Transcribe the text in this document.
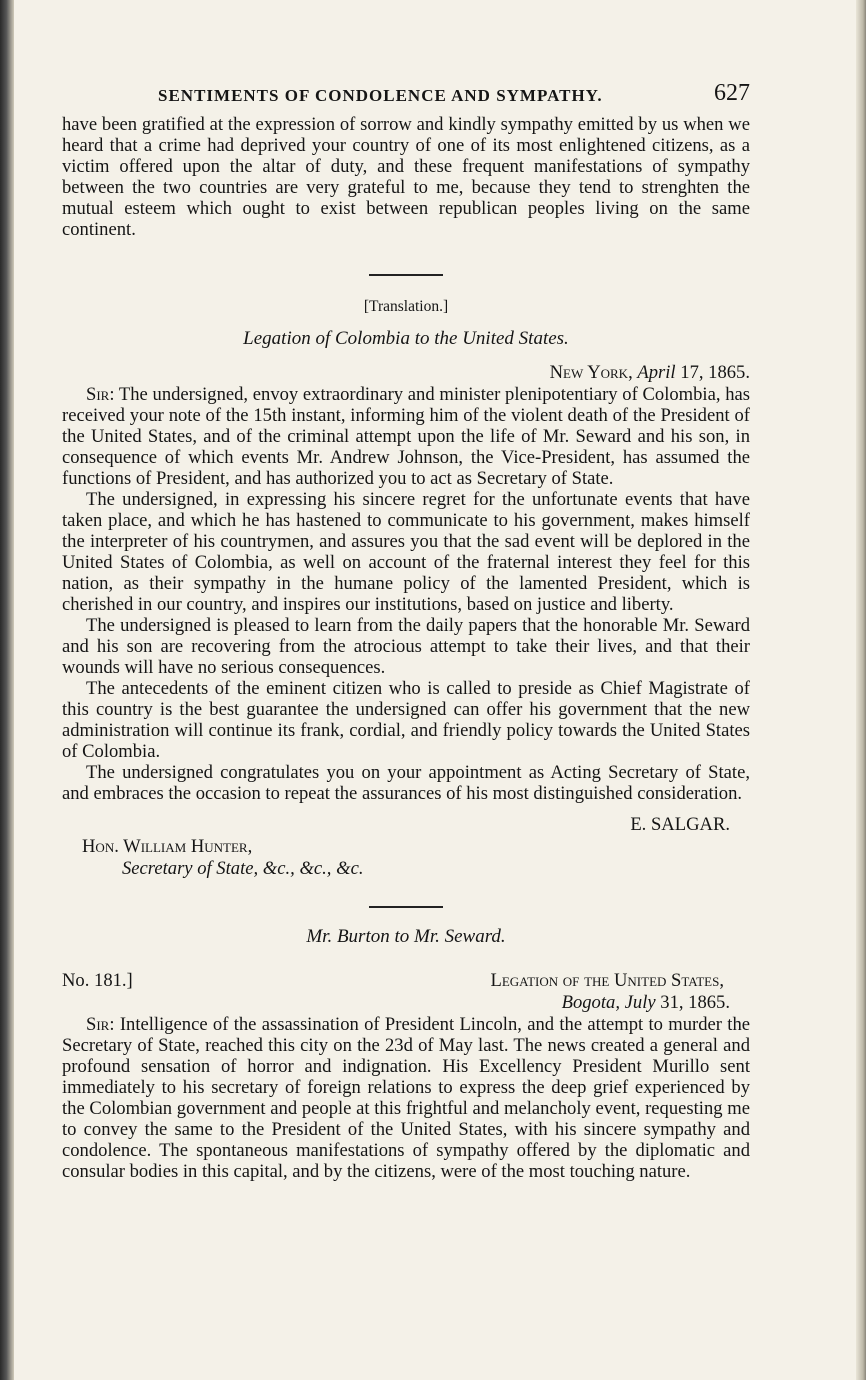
SENTIMENTS OF CONDOLENCE AND SYMPATHY.	627

have been gratified at the expression of sorrow and kindly sympathy emitted by us when we heard that a crime had deprived your country of one of its most enlightened citizens, as a victim offered upon the altar of duty, and these frequent manifestations of sympathy between the two countries are very grateful to me, because they tend to strenghten the mutual esteem which ought to exist between republican peoples living on the same continent.

[Translation.]
Legation of Colombia to the United States.
New York, April 17, 1865.

Sir: The undersigned, envoy extraordinary and minister plenipotentiary of Colombia, has received your note of the 15th instant, informing him of the violent death of the President of the United States, and of the criminal attempt upon the life of Mr. Seward and his son, in consequence of which events Mr. Andrew Johnson, the Vice-President, has assumed the functions of President, and has authorized you to act as Secretary of State.

The undersigned, in expressing his sincere regret for the unfortunate events that have taken place, and which he has hastened to communicate to his government, makes himself the interpreter of his countrymen, and assures you that the sad event will be deplored in the United States of Colombia, as well on account of the fraternal interest they feel for this nation, as their sympathy in the humane policy of the lamented President, which is cherished in our country, and inspires our institutions, based on justice and liberty.

The undersigned is pleased to learn from the daily papers that the honorable Mr. Seward and his son are recovering from the atrocious attempt to take their lives, and that their wounds will have no serious consequences.

The antecedents of the eminent citizen who is called to preside as Chief Magistrate of this country is the best guarantee the undersigned can offer his government that the new administration will continue its frank, cordial, and friendly policy towards the United States of Colombia.

The undersigned congratulates you on your appointment as Acting Secretary of State, and embraces the occasion to repeat the assurances of his most distinguished consideration.

E. SALGAR.
Hon. William Hunter,
Secretary of State, &c., &c., &c.
Mr. Burton to Mr. Seward.
No. 181.]	Legation of the United States,
Bogota, July 31, 1865.

Sir: Intelligence of the assassination of President Lincoln, and the attempt to murder the Secretary of State, reached this city on the 23d of May last. The news created a general and profound sensation of horror and indignation. His Excellency President Murillo sent immediately to his secretary of foreign relations to express the deep grief experienced by the Colombian government and people at this frightful and melancholy event, requesting me to convey the same to the President of the United States, with his sincere sympathy and condolence. The spontaneous manifestations of sympathy offered by the diplomatic and consular bodies in this capital, and by the citizens, were of the most touching nature.
